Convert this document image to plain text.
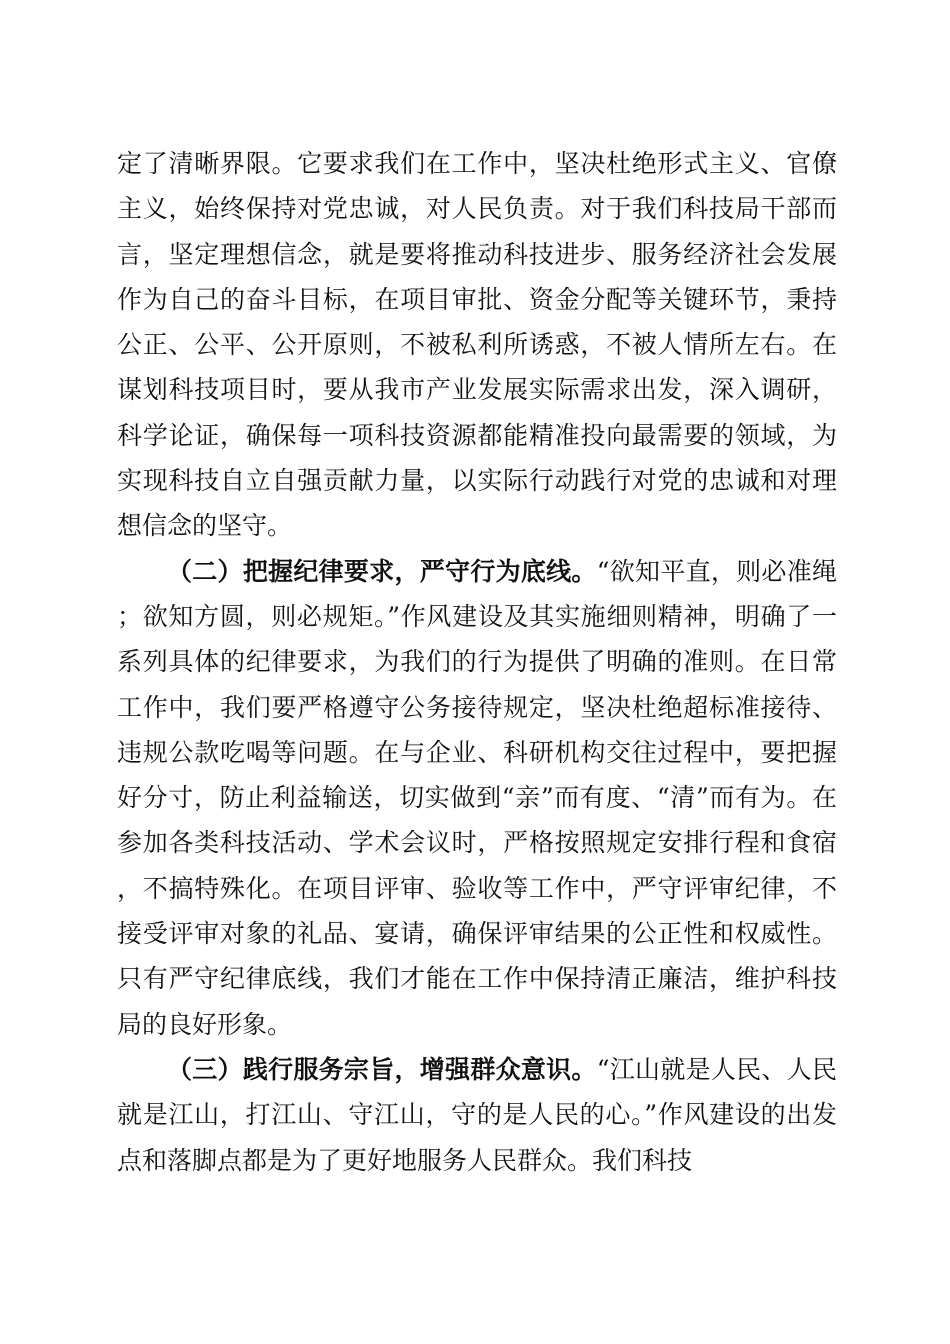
定了清晰界限。它要求我们在工作中，坚决杜绝形式主义、官僚主义，始终保持对党忠诚，对人民负责。对于我们科技局干部而言，坚定理想信念，就是要将推动科技进步、服务经济社会发展作为自己的奋斗目标，在项目审批、资金分配等关键环节，秉持公正、公平、公开原则，不被私利所诱惑，不被人情所左右。在谋划科技项目时，要从我市产业发展实际需求出发，深入调研，科学论证，确保每一项科技资源都能精准投向最需要的领域，为实现科技自立自强贡献力量，以实际行动践行对党的忠诚和对理想信念的坚守。

（二）把握纪律要求，严守行为底线。“欲知平直，则必准绳；欲知方圆，则必规矩。”作风建设及其实施细则精神，明确了一系列具体的纪律要求，为我们的行为提供了明确的准则。在日常工作中，我们要严格遵守公务接待规定，坚决杜绝超标准接待、违规公款吃喝等问题。在与企业、科研机构交往过程中，要把握好分寸，防止利益输送，切实做到“亲”而有度、“清”而有为。在参加各类科技活动、学术会议时，严格按照规定安排行程和食宿，不搞特殊化。在项目评审、验收等工作中，严守评审纪律，不接受评审对象的礼品、宴请，确保评审结果的公正性和权威性。只有严守纪律底线，我们才能在工作中保持清正廉洁，维护科技局的良好形象。

（三）践行服务宗旨，增强群众意识。“江山就是人民、人民就是江山，打江山、守江山，守的是人民的心。”作风建设的出发点和落脚点都是为了更好地服务人民群众。我们科技
